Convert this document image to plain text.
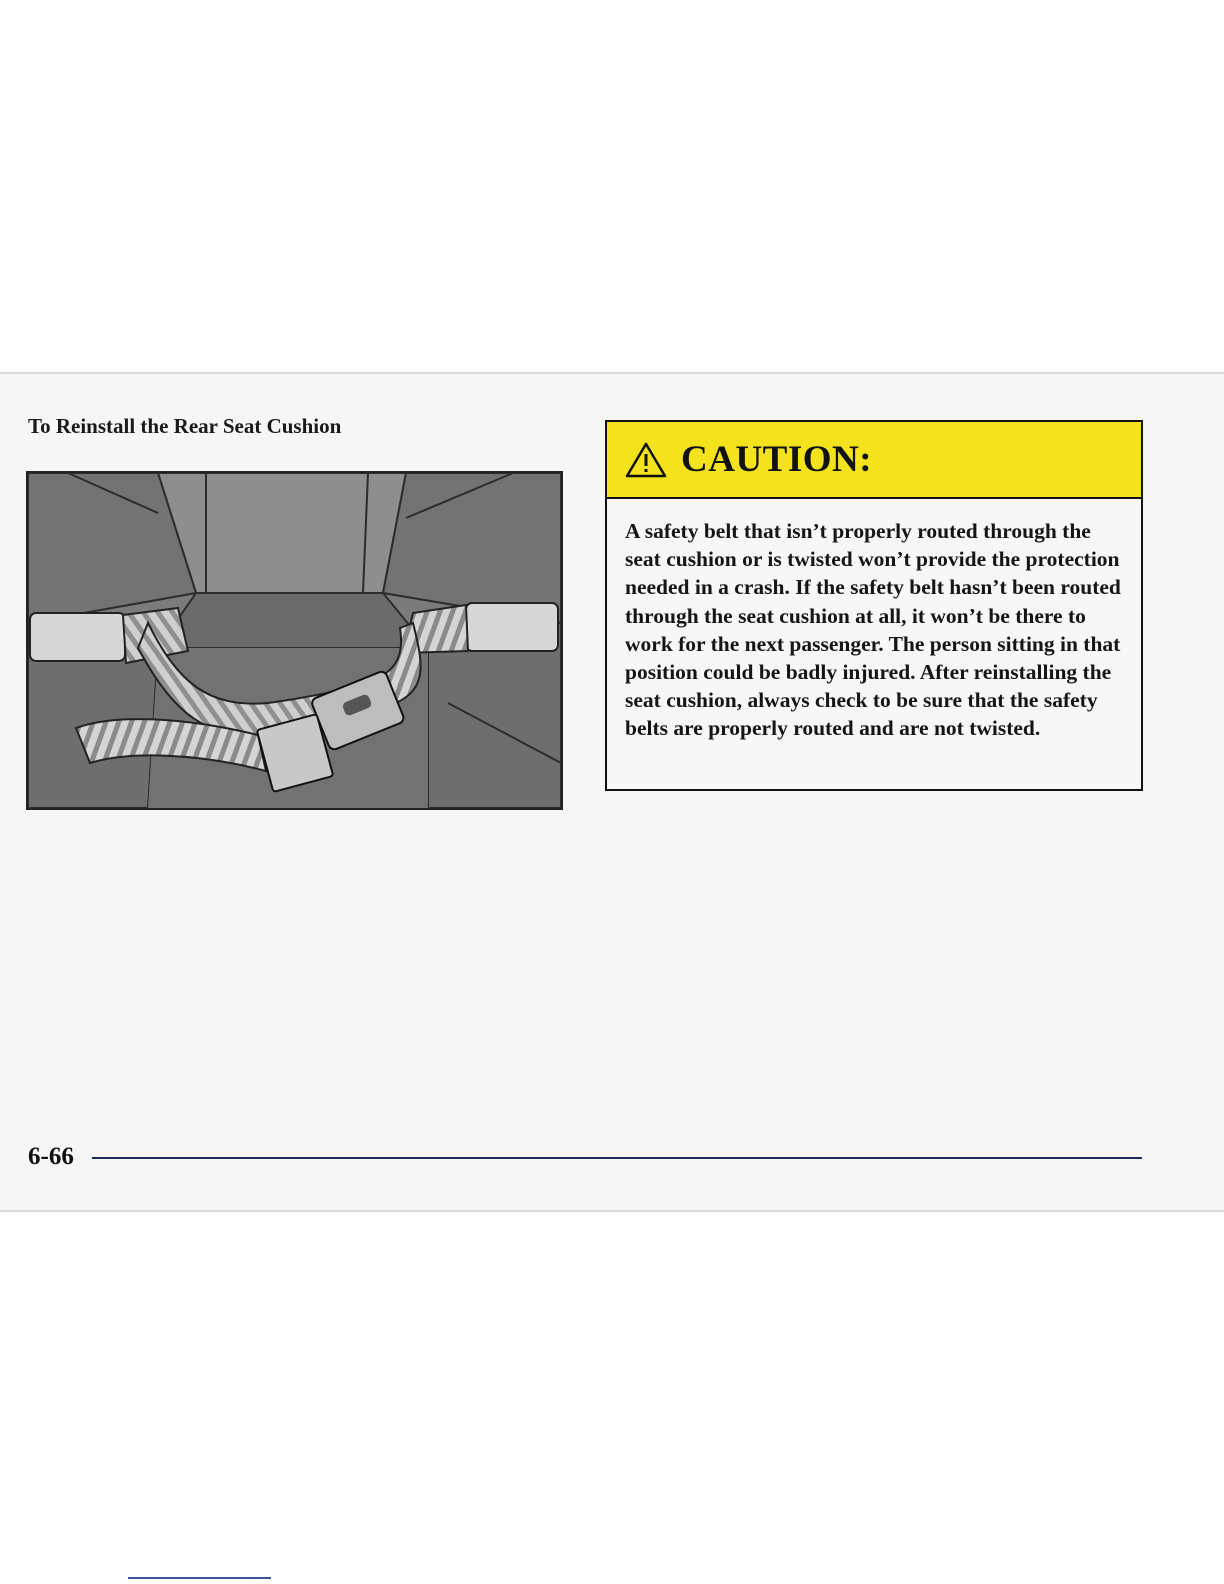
To Reinstall the Rear Seat Cushion
CAUTION:

A safety belt that isn’t properly routed through the seat cushion or is twisted won’t provide the protection needed in a crash. If the safety belt hasn’t been routed through the seat cushion at all, it won’t be there to work for the next passenger. The person sitting in that position could be badly injured. After reinstalling the seat cushion, always check to be sure that the safety belts are properly routed and are not twisted.

6-66
